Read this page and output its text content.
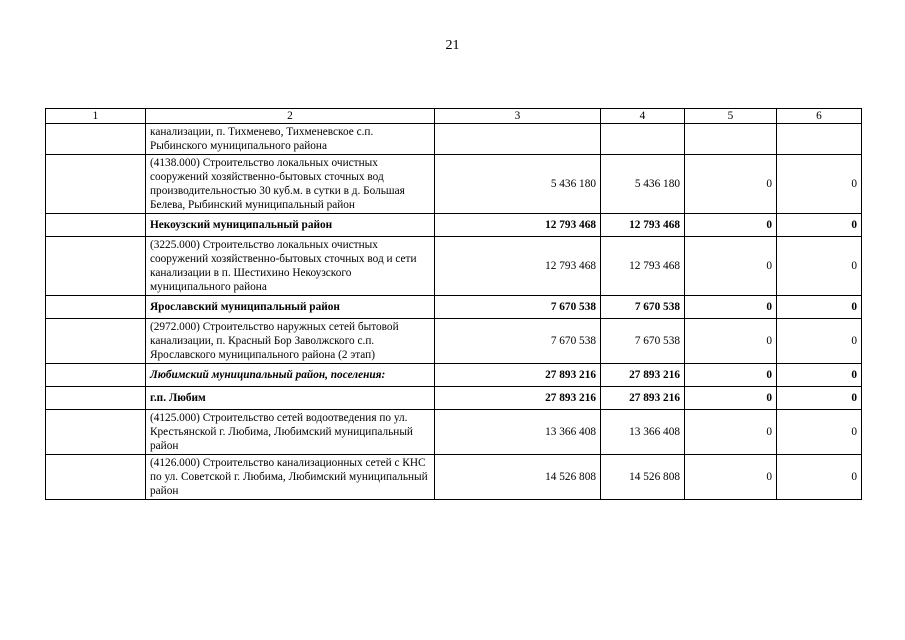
21
1	2	3	4	5	6
	канализации, п. Тихменево, Тихменевское с.п. Рыбинского муниципального района				
	(4138.000) Строительство локальных очистных сооружений хозяйственно-бытовых сточных вод производительностью 30 куб.м. в сутки в д. Большая Белева, Рыбинский муниципальный район	5 436 180	5 436 180	0	0
	Некоузский муниципальный район	12 793 468	12 793 468	0	0
	(3225.000) Строительство локальных очистных сооружений хозяйственно-бытовых сточных вод и сети канализации в п. Шестихино Некоузского муниципального района	12 793 468	12 793 468	0	0
	Ярославский муниципальный район	7 670 538	7 670 538	0	0
	(2972.000) Строительство наружных сетей бытовой канализации, п. Красный Бор Заволжского с.п. Ярославского муниципального района (2 этап)	7 670 538	7 670 538	0	0
	Любимский муниципальный район, поселения:	27 893 216	27 893 216	0	0
	г.п. Любим	27 893 216	27 893 216	0	0
	(4125.000) Строительство сетей водоотведения по ул. Крестьянской г. Любима, Любимский муниципальный район	13 366 408	13 366 408	0	0
	(4126.000) Строительство канализационных сетей с КНС по ул. Советской г. Любима, Любимский муниципальный район	14 526 808	14 526 808	0	0
